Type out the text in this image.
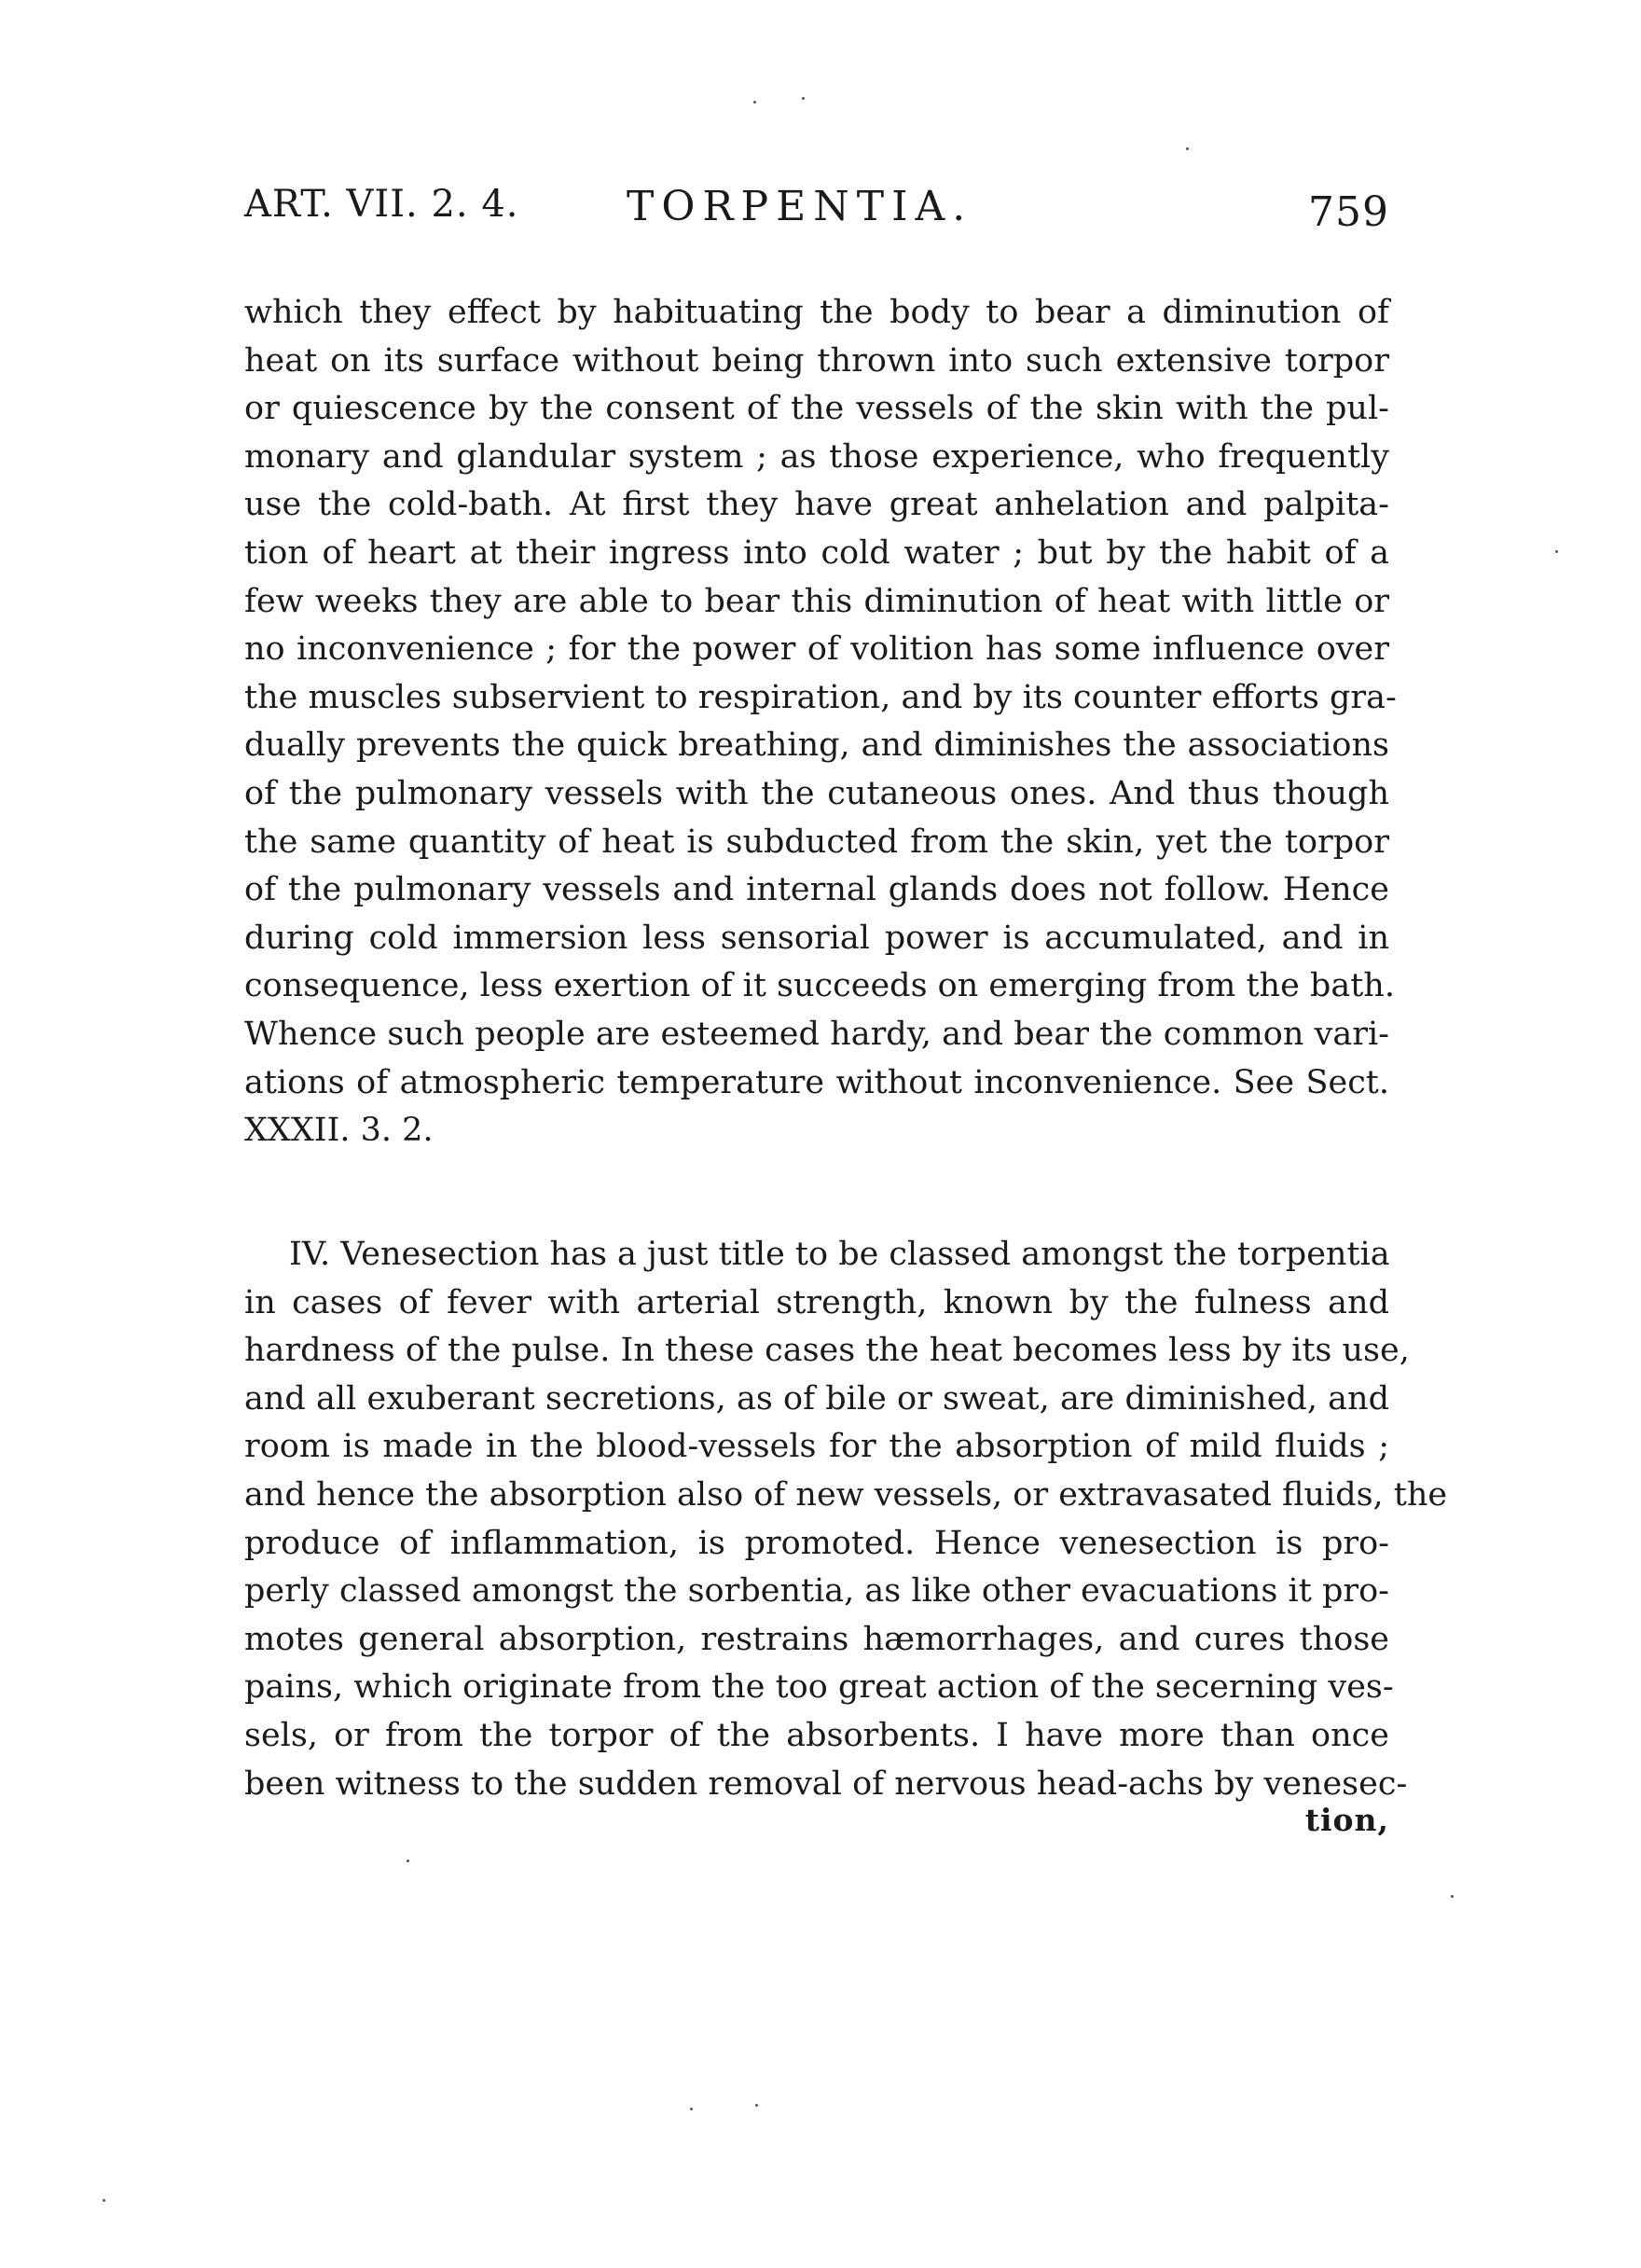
ART. VII. 2. 4.	TORPENTIA.	759
which they effect by habituating the body to bear a diminution of
heat on its surface without being thrown into such extensive torpor
or quiescence by the consent of the vessels of the skin with the pul-
monary and glandular system ; as those experience, who frequently
use the cold-bath. At first they have great anhelation and palpita-
tion of heart at their ingress into cold water ; but by the habit of a
few weeks they are able to bear this diminution of heat with little or
no inconvenience ; for the power of volition has some influence over
the muscles subservient to respiration, and by its counter efforts gra-
dually prevents the quick breathing, and diminishes the associations
of the pulmonary vessels with the cutaneous ones. And thus though
the same quantity of heat is subducted from the skin, yet the torpor
of the pulmonary vessels and internal glands does not follow. Hence
during cold immersion less sensorial power is accumulated, and in
consequence, less exertion of it succeeds on emerging from the bath.
Whence such people are esteemed hardy, and bear the common vari-
ations of atmospheric temperature without inconvenience. See Sect.
XXXII. 3. 2.
IV. Venesection has a just title to be classed amongst the torpentia
in cases of fever with arterial strength, known by the fulness and
hardness of the pulse. In these cases the heat becomes less by its use,
and all exuberant secretions, as of bile or sweat, are diminished, and
room is made in the blood-vessels for the absorption of mild fluids ;
and hence the absorption also of new vessels, or extravasated fluids, the
produce of inflammation, is promoted. Hence venesection is pro-
perly classed amongst the sorbentia, as like other evacuations it pro-
motes general absorption, restrains hæmorrhages, and cures those
pains, which originate from the too great action of the secerning ves-
sels, or from the torpor of the absorbents. I have more than once
been witness to the sudden removal of nervous head-achs by venesec-
tion,
